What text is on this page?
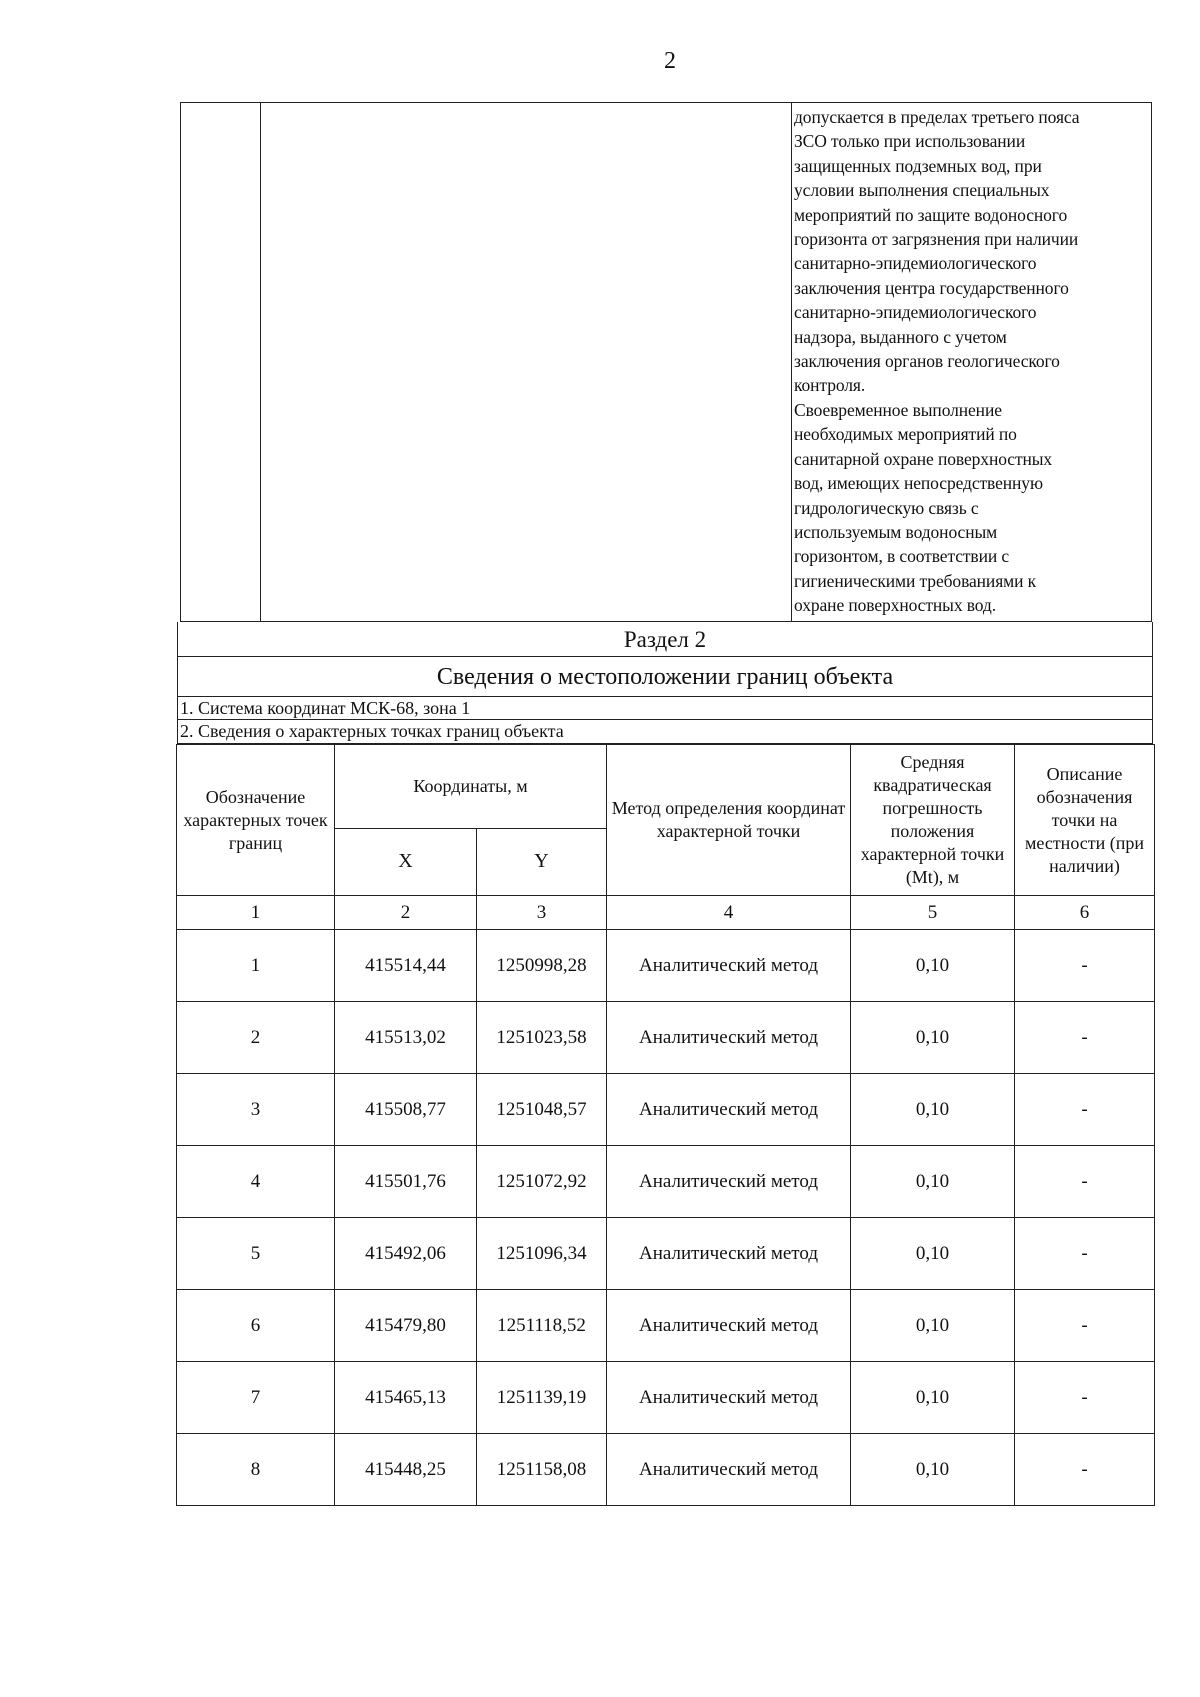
2
допускается в пределах третьего пояса
ЗСО только при использовании
защищенных подземных вод, при
условии выполнения специальных
мероприятий по защите водоносного
горизонта от загрязнения при наличии
санитарно-эпидемиологического
заключения центра государственного
санитарно-эпидемиологического
надзора, выданного с учетом
заключения органов геологического
контроля.
Своевременное выполнение
необходимых мероприятий по
санитарной охране поверхностных
вод, имеющих непосредственную
гидрологическую связь с
используемым водоносным
горизонтом, в соответствии с
гигиеническими требованиями к
охране поверхностных вод.
Раздел 2
Сведения о местоположении границ объекта
1. Система координат МСК-68, зона 1
2. Сведения о характерных точках границ объекта
Обозначение характерных точек границ	Координаты, м		Метод определения координат характерной точки	Средняя квадратическая погрешность положения характерной точки (Mt), м	Описание обозначения точки на местности (при наличии)
	X	Y			
1	2	3	4	5	6
1	415514,44	1250998,28	Аналитический метод	0,10	-
2	415513,02	1251023,58	Аналитический метод	0,10	-
3	415508,77	1251048,57	Аналитический метод	0,10	-
4	415501,76	1251072,92	Аналитический метод	0,10	-
5	415492,06	1251096,34	Аналитический метод	0,10	-
6	415479,80	1251118,52	Аналитический метод	0,10	-
7	415465,13	1251139,19	Аналитический метод	0,10	-
8	415448,25	1251158,08	Аналитический метод	0,10	-
